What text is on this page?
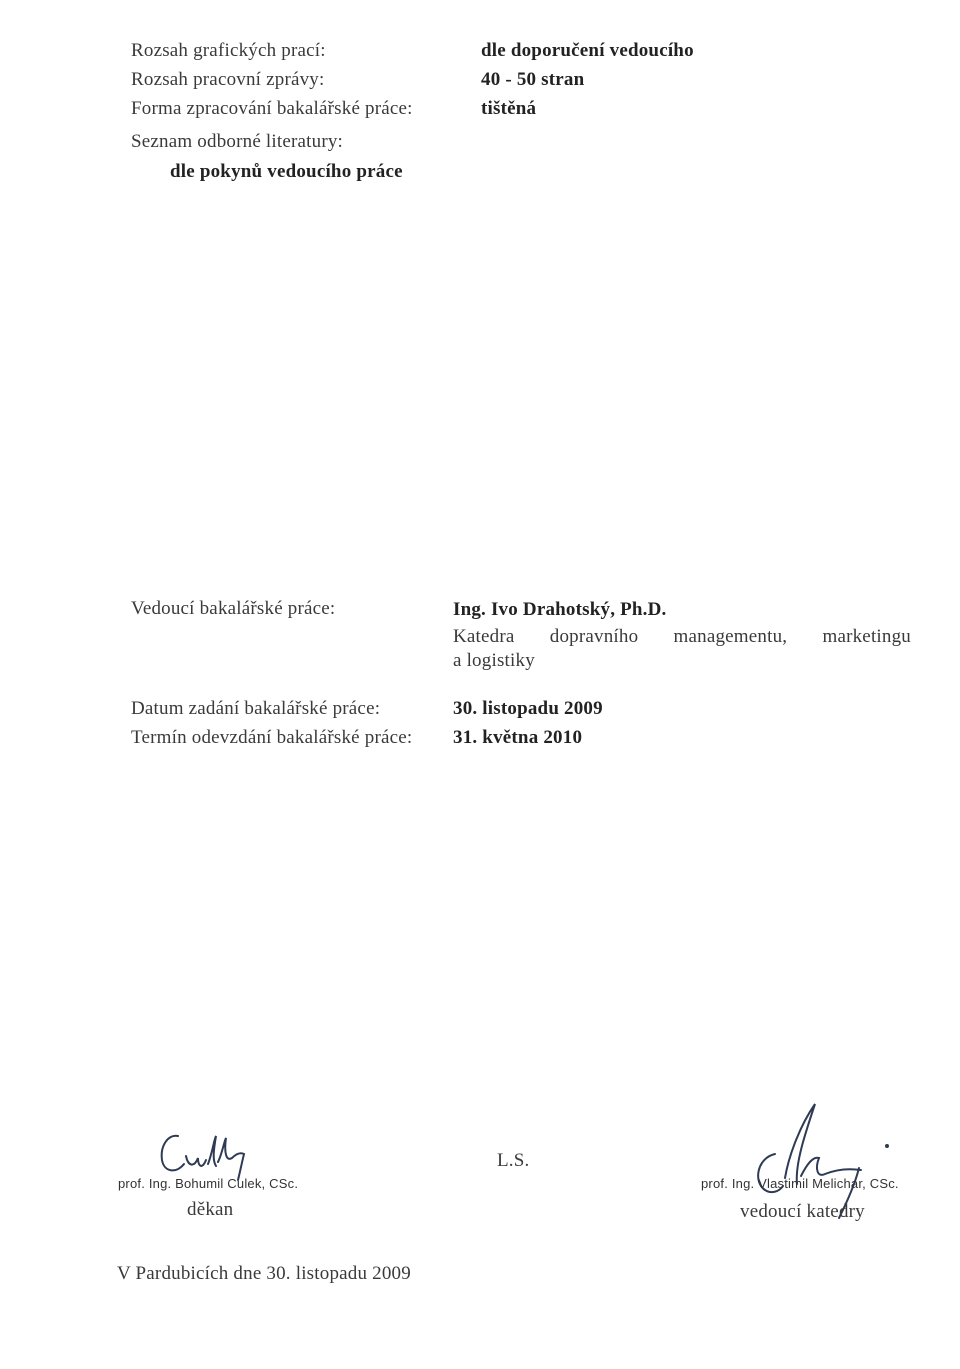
Rozsah grafických prací:	dle doporučení vedoucího
Rozsah pracovní zprávy:	40 - 50 stran
Forma zpracování bakalářské práce:	tištěná
Seznam odborné literatury:
dle pokynů vedoucího práce
Vedoucí bakalářské práce:	Ing. Ivo Drahotský, Ph.D.
Katedra dopravního managementu, marketingu
a logistiky
Datum zadání bakalářské práce:	30. listopadu 2009
Termín odevzdání bakalářské práce: 31. května 2010
prof. Ing. Bohumil Culek, CSc.
děkan
L.S.
prof. Ing. Vlastimil Melichar, CSc.
vedoucí katedry
V Pardubicích dne 30. listopadu 2009
